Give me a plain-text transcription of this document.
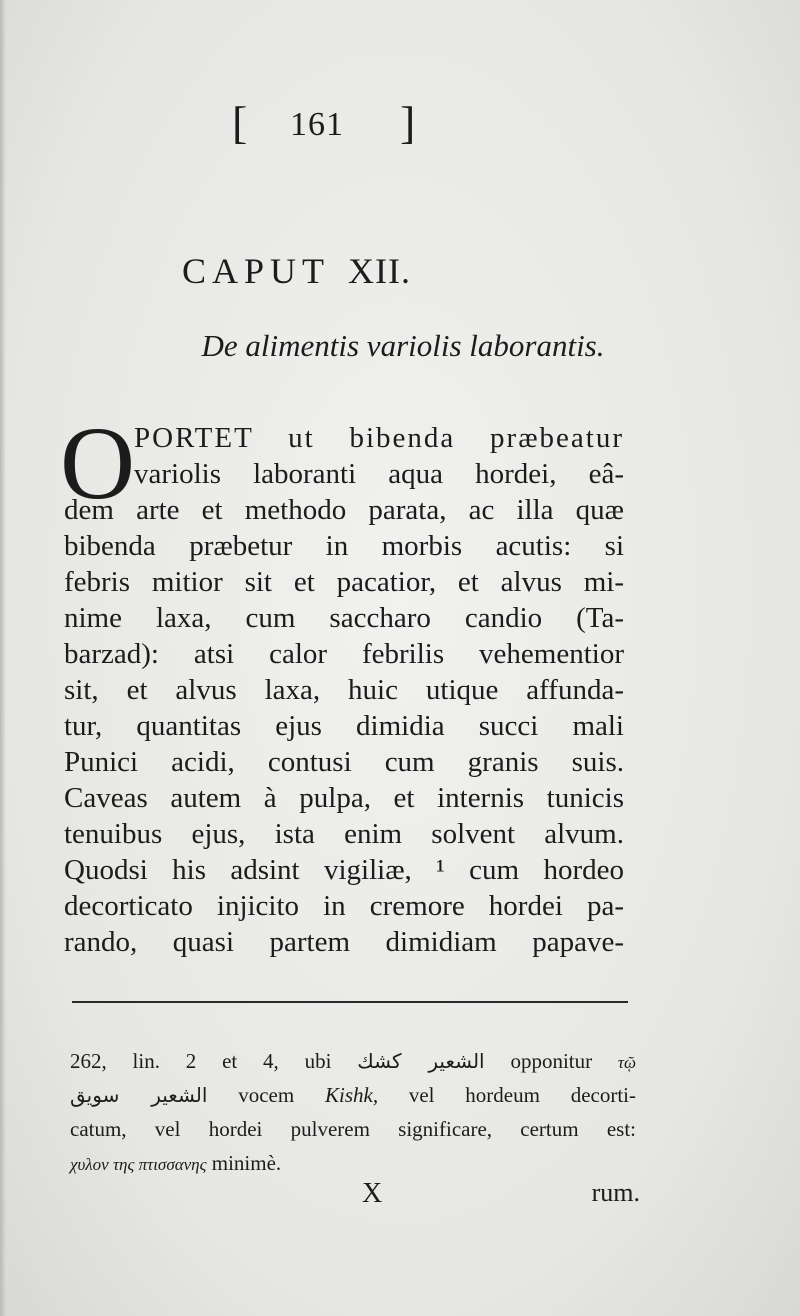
[ 161 ]
CAPUT XII.
De alimentis variolis laborantis.
O
PORTET ut bibenda præbeatur
variolis laboranti aqua hordei, eâ-
dem arte et methodo parata, ac illa quæ
bibenda præbetur in morbis acutis: si
febris mitior sit et pacatior, et alvus mi-
nime laxa, cum saccharo candio (Ta-
barzad): atsi calor febrilis vehementior
sit, et alvus laxa, huic utique affunda-
tur, quantitas ejus dimidia succi mali
Punici acidi, contusi cum granis suis.
Caveas autem à pulpa, et internis tunicis
tenuibus ejus, ista enim solvent alvum.
Quodsi his adsint vigiliæ, ¹ cum hordeo
decorticato injicito in cremore hordei pa-
rando, quasi partem dimidiam papave-
262, lin. 2 et 4, ubi الشعير كشك opponitur τῷ
الشعير سويق vocem Kishk, vel hordeum decorti-
catum, vel hordei pulverem significare, certum est:
χυλον της πτισσανης minimè.
X	rum.
